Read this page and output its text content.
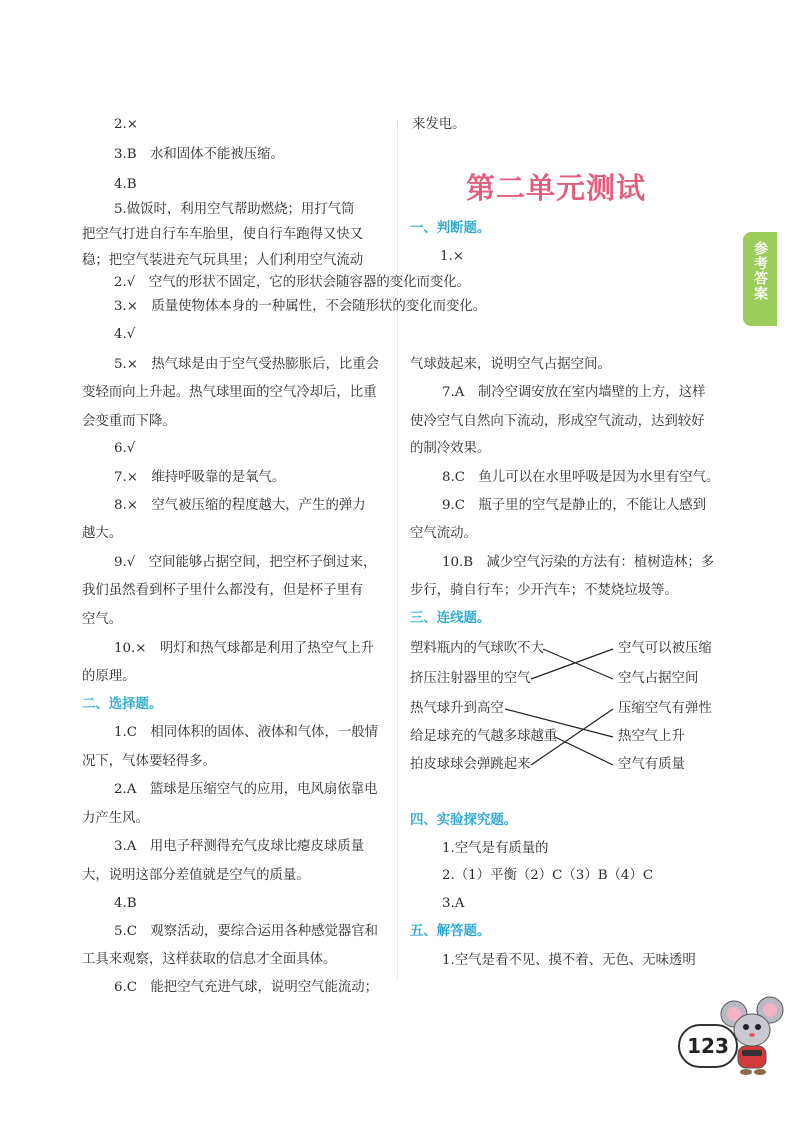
2.×
3.B　水和固体不能被压缩。
4.B
5.做饭时，利用空气帮助燃烧；用打气筒
把空气打进自行车车胎里，使自行车跑得又快又
稳；把空气装进充气玩具里；人们利用空气流动
2.√　空气的形状不固定，它的形状会随容器的变化而变化。
3.×　质量使物体本身的一种属性，不会随形状的变化而变化。
4.√
5.×　热气球是由于空气受热膨胀后，比重会
变轻而向上升起。热气球里面的空气冷却后，比重
会变重而下降。
6.√
7.×　维持呼吸靠的是氧气。
8.×　空气被压缩的程度越大，产生的弹力
越大。
9.√　空间能够占据空间，把空杯子倒过来，
我们虽然看到杯子里什么都没有，但是杯子里有
空气。
10.×　明灯和热气球都是利用了热空气上升
的原理。
二、选择题。
1.C　相同体积的固体、液体和气体，一般情
况下，气体要轻得多。
2.A　篮球是压缩空气的应用，电风扇依靠电
力产生风。
3.A　用电子秤测得充气皮球比瘪皮球质量
大，说明这部分差值就是空气的质量。
4.B
5.C　观察活动，要综合运用各种感觉器官和
工具来观察，这样获取的信息才全面具体。
6.C　能把空气充进气球，说明空气能流动；
来发电。
第二单元测试
一、判断题。
1.×
气球鼓起来，说明空气占据空间。
7.A　制冷空调安放在室内墙壁的上方，这样
使冷空气自然向下流动，形成空气流动，达到较好
的制冷效果。
8.C　鱼儿可以在水里呼吸是因为水里有空气。
9.C　瓶子里的空气是静止的，不能让人感到
空气流动。
10.B　减少空气污染的方法有：植树造林；多
步行，骑自行车；少开汽车；不焚烧垃圾等。
三、连线题。
塑料瓶内的气球吹不大
挤压注射器里的空气
热气球升到高空
给足球充的气越多球越重
拍皮球球会弹跳起来
空气可以被压缩
空气占据空间
压缩空气有弹性
热空气上升
空气有质量
四、实验探究题。
1.空气是有质量的
2.（1）平衡（2）C（3）B（4）C
3.A
五、解答题。
1.空气是看不见、摸不着、无色、无味透明
参考答案
123
